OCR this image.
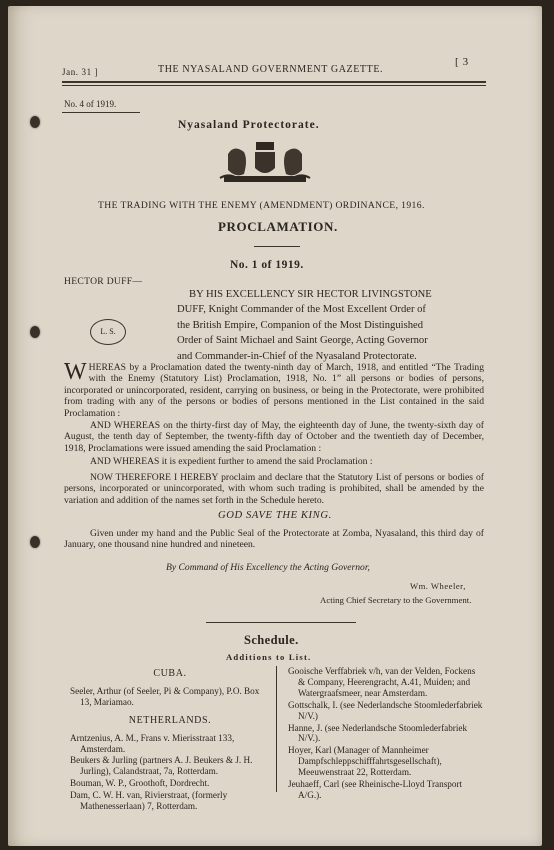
Jan. 31 ]	THE NYASALAND GOVERNMENT GAZETTE.
[ 3
No. 4 of 1919.
Nyasaland Protectorate.
THE TRADING WITH THE ENEMY (AMENDMENT) ORDINANCE, 1916.
PROCLAMATION.
No. 1 of 1919.
HECTOR DUFF—
L. S.
BY HIS EXCELLENCY SIR HECTOR LIVINGSTONE
DUFF, Knight Commander of the Most Excellent Order of
the British Empire, Companion of the Most Distinguished
Order of Saint Michael and Saint George, Acting Governor
and Commander-in-Chief of the Nyasaland Protectorate.
WHEREAS by a Proclamation dated the twenty-ninth day of March, 1918, and entitled “The Trading with the Enemy (Statutory List) Proclamation, 1918, No. 1” all persons or bodies of persons, incorporated or unincorporated, resident, carrying on business, or being in the Protectorate, were prohibited from trading with any of the persons or bodies of persons mentioned in the List contained in the said Proclamation :
AND WHEREAS on the thirty-first day of May, the eighteenth day of June, the twenty-sixth day of August, the tenth day of September, the twenty-fifth day of October and the twentieth day of December, 1918, Proclamations were issued amending the said Proclamation :
AND WHEREAS it is expedient further to amend the said Proclamation :
NOW THEREFORE I HEREBY proclaim and declare that the Statutory List of persons or bodies of persons, incorporated or unincorporated, with whom such trading is prohibited, shall be amended by the variation and addition of the names set forth in the Schedule hereto.
GOD SAVE THE KING.
Given under my hand and the Public Seal of the Protectorate at Zomba, Nyasaland, this third day of January, one thousand nine hundred and nineteen.
By Command of His Excellency the Acting Governor,
Wm. Wheeler,
Acting Chief Secretary to the Government.
Schedule.
Additions to List.
CUBA.
Seeler, Arthur (of Seeler, Pi & Company), P.O. Box 13, Mariamao.
NETHERLANDS.
Arntzenius, A. M., Frans v. Mierisstraat 133, Amsterdam.
Beukers & Jurling (partners A. J. Beukers & J. H. Jurling), Calandstraat, 7a, Rotterdam.
Bouman, W. P., Groothoft, Dordrecht.
Dam, C. W. H. van, Rivierstraat, (formerly Mathenesserlaan) 7, Rotterdam.
Gooische Verffabriek v/h, van der Velden, Fockens & Company, Heerengracht, A.41, Muiden; and Watergraafsmeer, near Amsterdam.
Gottschalk, I. (see Nederlandsche Stoomlederfabriek N/V.)
Hanne, J. (see Nederlandsche Stoomlederfabriek N/V.).
Hoyer, Karl (Manager of Mannheimer Dampfschleppschifffahrtsgesellschaft), Meeuwenstraat 22, Rotterdam.
Jeuhaeff, Carl (see Rheinische-Lloyd Transport A/G.).
